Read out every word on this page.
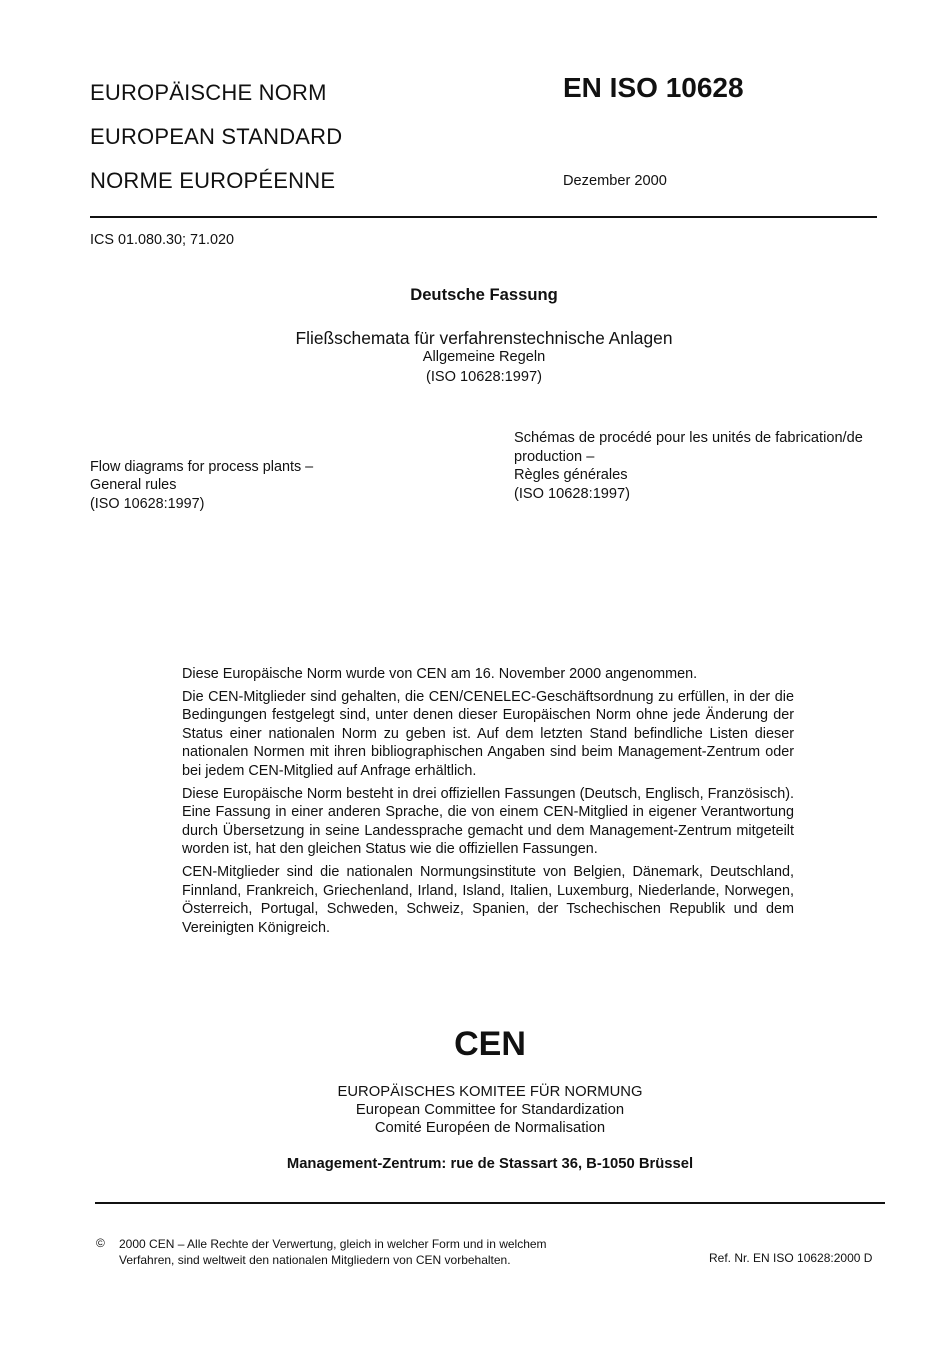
EUROPÄISCHE NORM
EUROPEAN STANDARD
NORME EUROPÉENNE
EN ISO 10628
Dezember 2000
ICS 01.080.30; 71.020
Deutsche Fassung
Fließschemata für verfahrenstechnische Anlagen
Allgemeine Regeln
(ISO 10628:1997)
Flow diagrams for process plants –
General rules
(ISO 10628:1997)
Schémas de procédé pour les unités de fabrication/de
production –
Règles générales
(ISO 10628:1997)

Diese Europäische Norm wurde von CEN am 16. November 2000 angenommen.

Die CEN-Mitglieder sind gehalten, die CEN/CENELEC-Geschäftsordnung zu erfüllen, in der die Bedingungen festgelegt sind, unter denen dieser Europäischen Norm ohne jede Änderung der Status einer nationalen Norm zu geben ist. Auf dem letzten Stand befindliche Listen dieser nationalen Normen mit ihren bibliographischen Angaben sind beim Management-Zentrum oder bei jedem CEN-Mitglied auf Anfrage erhältlich.

Diese Europäische Norm besteht in drei offiziellen Fassungen (Deutsch, Englisch, Französisch). Eine Fassung in einer anderen Sprache, die von einem CEN-Mitglied in eigener Verantwortung durch Übersetzung in seine Landessprache gemacht und dem Management-Zentrum mitgeteilt worden ist, hat den gleichen Status wie die offiziellen Fassungen.

CEN-Mitglieder sind die nationalen Normungsinstitute von Belgien, Dänemark, Deutschland, Finnland, Frankreich, Griechenland, Irland, Island, Italien, Luxemburg, Niederlande, Norwegen, Österreich, Portugal, Schweden, Schweiz, Spanien, der Tschechischen Republik und dem Vereinigten Königreich.

CEN
EUROPÄISCHES KOMITEE FÜR NORMUNG
European Committee for Standardization
Comité Européen de Normalisation
Management-Zentrum: rue de Stassart 36, B-1050 Brüssel
© 2000 CEN – Alle Rechte der Verwertung, gleich in welcher Form und in welchem
Verfahren, sind weltweit den nationalen Mitgliedern von CEN vorbehalten.	Ref. Nr. EN ISO 10628:2000 D
